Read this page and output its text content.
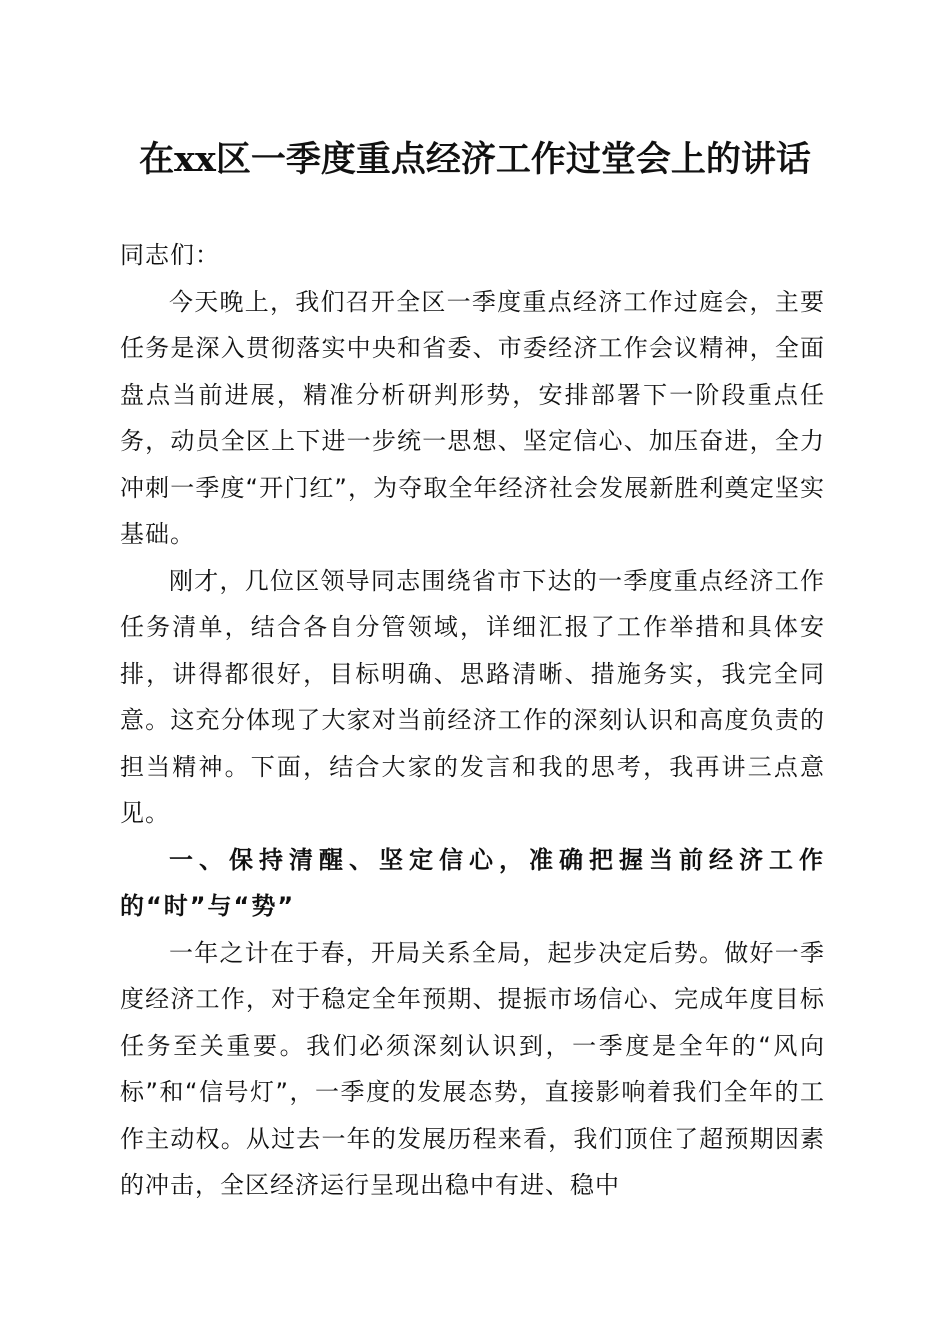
在xx区一季度重点经济工作过堂会上的讲话

同志们：

今天晚上，我们召开全区一季度重点经济工作过庭会，主要任务是深入贯彻落实中央和省委、市委经济工作会议精神，全面盘点当前进展，精准分析研判形势，安排部署下一阶段重点任务，动员全区上下进一步统一思想、坚定信心、加压奋进，全力冲刺一季度“开门红”，为夺取全年经济社会发展新胜利奠定坚实基础。

刚才，几位区领导同志围绕省市下达的一季度重点经济工作任务清单，结合各自分管领域，详细汇报了工作举措和具体安排，讲得都很好，目标明确、思路清晰、措施务实，我完全同意。这充分体现了大家对当前经济工作的深刻认识和高度负责的担当精神。下面，结合大家的发言和我的思考，我再讲三点意见。

一、保持清醒、坚定信心，准确把握当前经济工作的“时”与“势”

一年之计在于春，开局关系全局，起步决定后势。做好一季度经济工作，对于稳定全年预期、提振市场信心、完成年度目标任务至关重要。我们必须深刻认识到，一季度是全年的“风向标”和“信号灯”，一季度的发展态势，直接影响着我们全年的工作主动权。从过去一年的发展历程来看，我们顶住了超预期因素的冲击，全区经济运行呈现出稳中有进、稳中
